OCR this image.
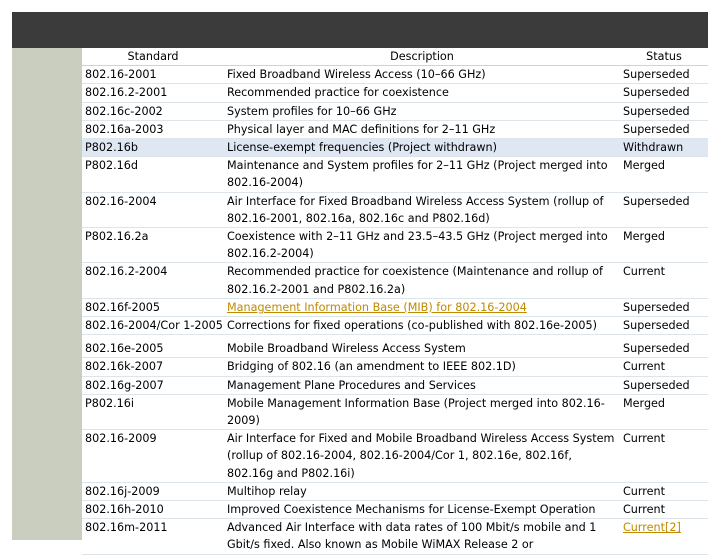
Standard	Description	Status
802.16-2001	Fixed Broadband Wireless Access (10–66 GHz)	Superseded
802.16.2-2001	Recommended practice for coexistence	Superseded
802.16c-2002	System profiles for 10–66 GHz	Superseded
802.16a-2003	Physical layer and MAC definitions for 2–11 GHz	Superseded
P802.16b	License-exempt frequencies (Project withdrawn)	Withdrawn
P802.16d	Maintenance and System profiles for 2–11 GHz (Project merged into 802.16-2004)	Merged
802.16-2004	Air Interface for Fixed Broadband Wireless Access System (rollup of 802.16-2001, 802.16a, 802.16c and P802.16d)	Superseded
P802.16.2a	Coexistence with 2–11 GHz and 23.5–43.5 GHz (Project merged into 802.16.2-2004)	Merged
802.16.2-2004	Recommended practice for coexistence (Maintenance and rollup of 802.16.2-2001 and P802.16.2a)	Current
802.16f-2005	Management Information Base (MIB) for 802.16-2004	Superseded
802.16-2004/Cor 1-2005	Corrections for fixed operations (co-published with 802.16e-2005)	Superseded
802.16e-2005	Mobile Broadband Wireless Access System	Superseded
802.16k-2007	Bridging of 802.16 (an amendment to IEEE 802.1D)	Current
802.16g-2007	Management Plane Procedures and Services	Superseded
P802.16i	Mobile Management Information Base (Project merged into 802.16-2009)	Merged
802.16-2009	Air Interface for Fixed and Mobile Broadband Wireless Access System (rollup of 802.16-2004, 802.16-2004/Cor 1, 802.16e, 802.16f, 802.16g and P802.16i)	Current
802.16j-2009	Multihop relay	Current
802.16h-2010	Improved Coexistence Mechanisms for License-Exempt Operation	Current
802.16m-2011	Advanced Air Interface with data rates of 100 Mbit/s mobile and 1 Gbit/s fixed. Also known as Mobile WiMAX Release 2 or	Current[2]
